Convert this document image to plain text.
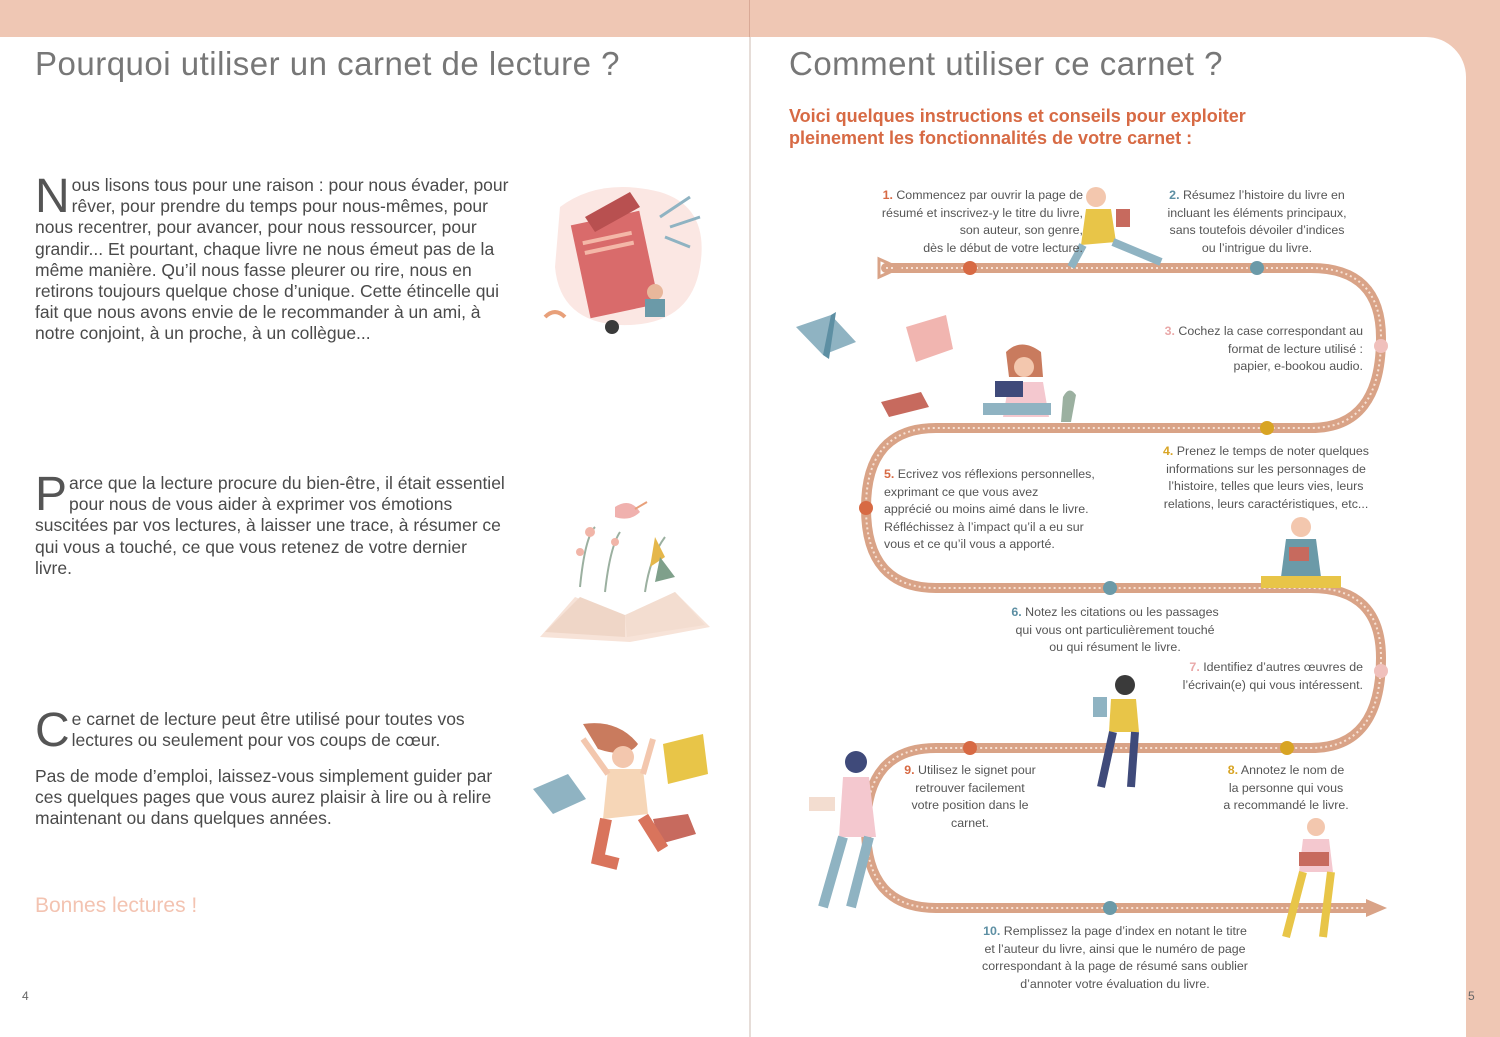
Pourquoi utiliser un carnet de lecture ?
Nous lisons tous pour une raison : pour nous évader, pour rêver, pour prendre du temps pour nous-mêmes, pour nous recentrer, pour avancer, pour nous ressourcer, pour grandir... Et pourtant, chaque livre ne nous émeut pas de la même manière. Qu’il nous fasse pleurer ou rire, nous en retirons toujours quelque chose d’unique. Cette étincelle qui fait que nous avons envie de le recommander à un ami, à notre conjoint, à un proche, à un collègue...
Parce que la lecture procure du bien-être, il était essentiel pour nous de vous aider à exprimer vos émotions suscitées par vos lectures, à laisser une trace, à résumer ce qui vous a touché, ce que vous retenez de votre dernier livre.
Ce carnet de lecture peut être utilisé pour toutes vos lectures ou seulement pour vos coups de cœur.
Pas de mode d’emploi, laissez-vous simplement guider par ces quelques pages que vous aurez plaisir à lire ou à relire maintenant ou dans quelques années.
Bonnes lectures !
4
Comment utiliser ce carnet ?
Voici quelques instructions et conseils pour exploiter
pleinement les fonctionnalités de votre carnet :
1. Commencez par ouvrir la page de
résumé et inscrivez-y le titre du livre,
son auteur, son genre,
dès le début de votre lecture.
2. Résumez l’histoire du livre en
incluant les éléments principaux,
sans toutefois dévoiler d’indices
ou l’intrigue du livre.
3. Cochez la case correspondant au
format de lecture utilisé :
papier, e-bookou audio.
4. Prenez le temps de noter quelques
informations sur les personnages de
l’histoire, telles que leurs vies, leurs
relations, leurs caractéristiques, etc...
5. Ecrivez vos réflexions personnelles,
exprimant ce que vous avez
apprécié ou moins aimé dans le livre.
Réfléchissez à l’impact qu’il a eu sur
vous et ce qu’il vous a apporté.
6. Notez les citations ou les passages
qui vous ont particulièrement touché
ou qui résument le livre.
7. Identifiez d’autres œuvres de
l’écrivain(e) qui vous intéressent.
8. Annotez le nom de
la personne qui vous
a recommandé le livre.
9. Utilisez le signet pour
retrouver facilement
votre position dans le
carnet.
10. Remplissez la page d’index en notant le titre
et l’auteur du livre, ainsi que le numéro de page
correspondant à la page de résumé sans oublier
d’annoter votre évaluation du livre.
5
